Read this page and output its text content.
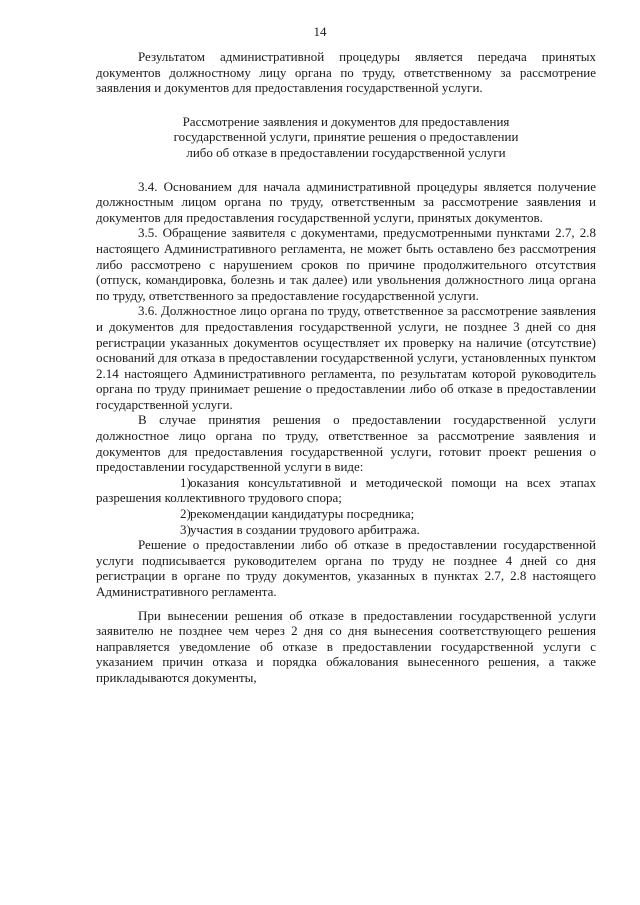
14

Результатом административной процедуры является передача принятых документов должностному лицу органа по труду, ответственному за рассмотрение заявления и документов для предоставления государственной услуги.

Рассмотрение заявления и документов для предоставления
государственной услуги, принятие решения о предоставлении
либо об отказе в предоставлении государственной услуги

3.4. Основанием для начала административной процедуры является получение должностным лицом органа по труду, ответственным за рассмотрение заявления и документов для предоставления государственной услуги, принятых документов.

3.5. Обращение заявителя с документами, предусмотренными пунктами 2.7, 2.8 настоящего Административного регламента, не может быть оставлено без рассмотрения либо рассмотрено с нарушением сроков по причине продолжительного отсутствия (отпуск, командировка, болезнь и так далее) или увольнения должностного лица органа по труду, ответственного за предоставление государственной услуги.

3.6. Должностное лицо органа по труду, ответственное за рассмотрение заявления и документов для предоставления государственной услуги, не позднее 3 дней со дня регистрации указанных документов осуществляет их проверку на наличие (отсутствие) оснований для отказа в предоставлении государственной услуги, установленных пунктом 2.14 настоящего Административного регламента, по результатам которой руководитель органа по труду принимает решение о предоставлении либо об отказе в предоставлении государственной услуги.

В случае принятия решения о предоставлении государственной услуги должностное лицо органа по труду, ответственное за рассмотрение заявления и документов для предоставления государственной услуги, готовит проект решения о предоставлении государственной услуги в виде:

1)оказания консультативной и методической помощи на всех этапах разрешения коллективного трудового спора;

2)рекомендации кандидатуры посредника;

3)участия в создании трудового арбитража.

Решение о предоставлении либо об отказе в предоставлении государственной услуги подписывается руководителем органа по труду не позднее 4 дней со дня регистрации в органе по труду документов, указанных в пунктах 2.7, 2.8 настоящего Административного регламента.

При вынесении решения об отказе в предоставлении государственной услуги заявителю не позднее чем через 2 дня со дня вынесения соответствующего решения направляется уведомление об отказе в предоставлении государственной услуги с указанием причин отказа и порядка обжалования вынесенного решения, а также прикладываются документы,
